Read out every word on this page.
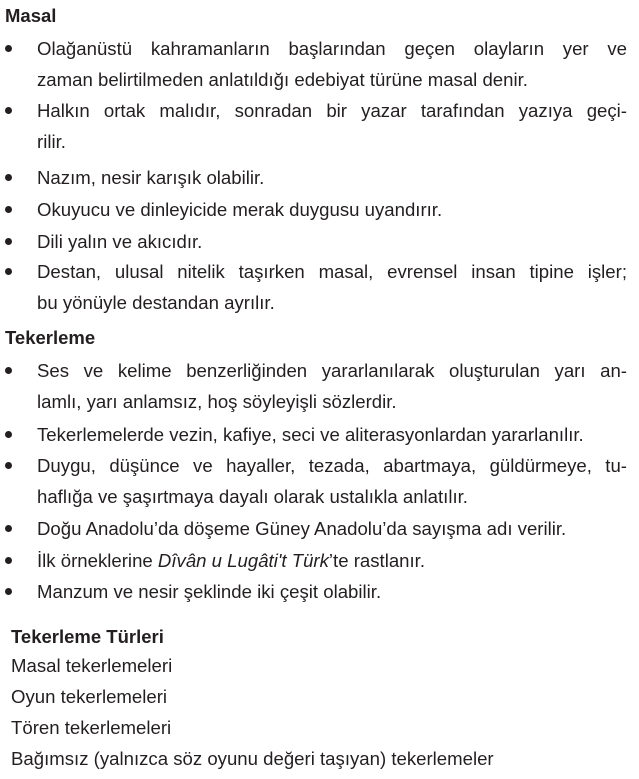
Masal
Olağanüstü kahramanların başlarından geçen olayların yer ve
zaman belirtilmeden anlatıldığı edebiyat türüne masal denir.
Halkın ortak malıdır, sonradan bir yazar tarafından yazıya geçi-
rilir.
Nazım, nesir karışık olabilir.
Okuyucu ve dinleyicide merak duygusu uyandırır.
Dili yalın ve akıcıdır.
Destan, ulusal nitelik taşırken masal, evrensel insan tipine işler;
bu yönüyle destandan ayrılır.
Tekerleme
Ses ve kelime benzerliğinden yararlanılarak oluşturulan yarı an-
lamlı, yarı anlamsız, hoş söyleyişli sözlerdir.
Tekerlemelerde vezin, kafiye, seci ve aliterasyonlardan yararlanılır.
Duygu, düşünce ve hayaller, tezada, abartmaya, güldürmeye, tu-
haflığa ve şaşırtmaya dayalı olarak ustalıkla anlatılır.
Doğu Anadolu’da döşeme Güney Anadolu’da sayışma adı verilir.
İlk örneklerine Dîvân u Lugâti't Türk’te rastlanır.
Manzum ve nesir şeklinde iki çeşit olabilir.
Tekerleme Türleri
Masal tekerlemeleri
Oyun tekerlemeleri
Tören tekerlemeleri
Bağımsız (yalnızca söz oyunu değeri taşıyan) tekerlemeler
